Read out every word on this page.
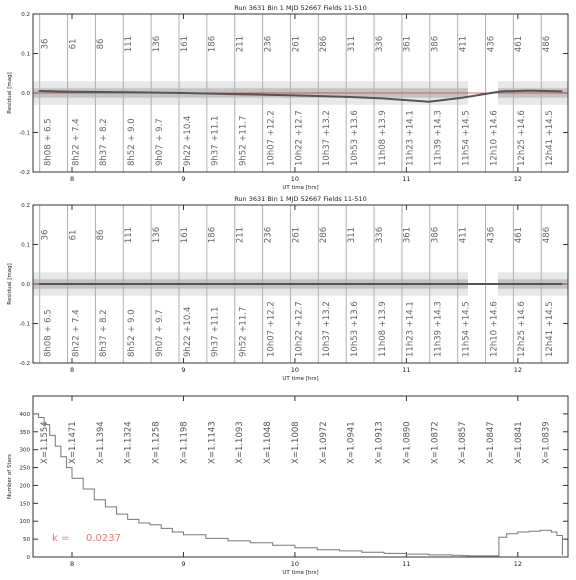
Run 3631 Bin 1 MJD 52667 Fields 11-510
8	9	10	11	12
-0.2
-0.1
0.0
0.1
0.2
UT time [hrs]
Residual [mag]
36
8h08 + 6.5
61
8h22 + 7.4
86
8h37 + 8.2
111
8h52 + 9.0
136
9h07 + 9.7
161
9h22 +10.4
186
9h37 +11.1
211
9h52 +11.7
236
10h07 +12.2
261
10h22 +12.7
286
10h37 +13.2
311
10h53 +13.6
336
11h08 +13.9
361
11h23 +14.1
386
11h39 +14.3
411
11h54 +14.5
436
12h10 +14.6
461
12h25 +14.6
486
12h41 +14.5
Run 3631 Bin 1 MJD 52667 Fields 11-510
8	9	10	11	12
-0.2
-0.1
0.0
0.1
0.2
UT time [hrs]
Residual [mag]
36
8h08 + 6.5
61
8h22 + 7.4
86
8h37 + 8.2
111
8h52 + 9.0
136
9h07 + 9.7
161
9h22 +10.4
186
9h37 +11.1
211
9h52 +11.7
236
10h07 +12.2
261
10h22 +12.7
286
10h37 +13.2
311
10h53 +13.6
336
11h08 +13.9
361
11h23 +14.1
386
11h39 +14.3
411
11h54 +14.5
436
12h10 +14.6
461
12h25 +14.6
486
12h41 +14.5
8	9	10	11	12
0
50
100
150
200
250
300
350
400
UT time [hrs]
Number of Stars
X=1.1554 X=1.1471 X=1.1394 X=1.1324 X=1.1258 X=1.1198 X=1.1143 X=1.1093 X=1.1048 X=1.1008 X=1.0972 X=1.0941 X=1.0913 X=1.0890 X=1.0872 X=1.0857 X=1.0847 X=1.0841 X=1.0839
k = 0.0237
